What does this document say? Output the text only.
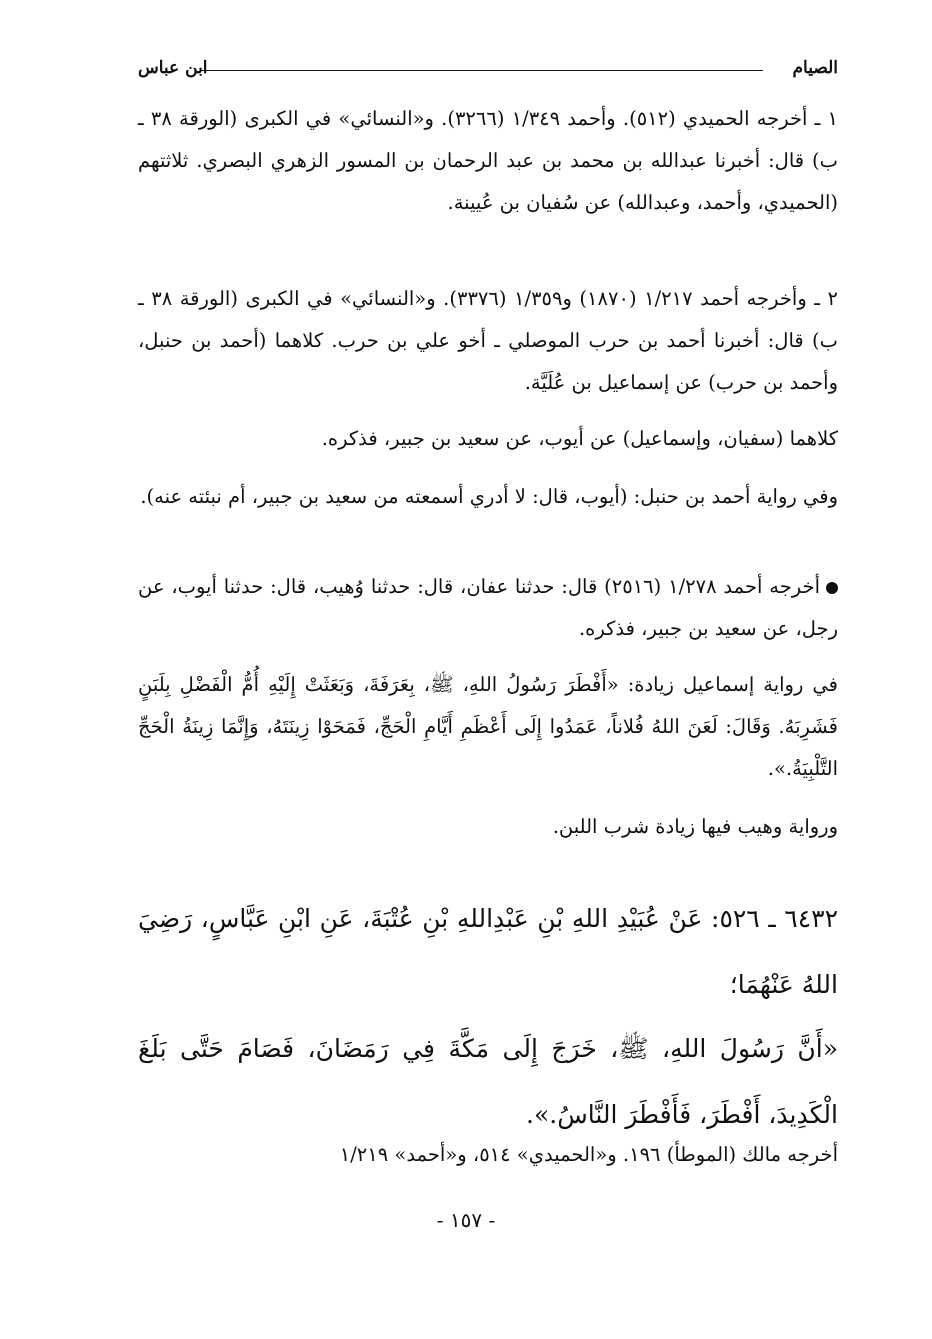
الصيام
ابن عباس
١ ـ أخرجه الحميدي (٥١٢). وأحمد ١/٣٤٩ (٣٢٦٦). و«النسائي» في الكبرى (الورقة ٣٨ ـ ب) قال: أخبرنا عبدالله بن محمد بن عبد الرحمان بن المسور الزهري البصري. ثلاثتهم (الحميدي، وأحمد، وعبدالله) عن سُفيان بن عُيينة.
٢ ـ وأخرجه أحمد ١/٢١٧ (١٨٧٠) و١/٣٥٩ (٣٣٧٦). و«النسائي» في الكبرى (الورقة ٣٨ ـ ب) قال: أخبرنا أحمد بن حرب الموصلي ـ أخو علي بن حرب. كلاهما (أحمد بن حنبل، وأحمد بن حرب) عن إسماعيل بن عُلَيَّة.
كلاهما (سفيان، وإسماعيل) عن أيوب، عن سعيد بن جبير، فذكره.
وفي رواية أحمد بن حنبل: (أيوب، قال: لا أدري أسمعته من سعيد بن جبير، أم نبئته عنه).
أخرجه أحمد ١/٢٧٨ (٢٥١٦) قال: حدثنا عفان، قال: حدثنا وُهيب، قال: حدثنا أيوب، عن رجل، عن سعيد بن جبير، فذكره.
في رواية إسماعيل زيادة: «أَفْطَرَ رَسُولُ اللهِ، ﷺ، بِعَرَفَةَ، وَبَعَثَتْ إِلَيْهِ أُمُّ الْفَضْلِ بِلَبَنٍ فَشَرِبَهُ. وَقَالَ: لَعَنَ اللهُ فُلاناً، عَمَدُوا إِلَى أَعْظَمِ أَيَّامِ الْحَجِّ، فَمَحَوْا زِينَتَهُ، وَإِنَّمَا زِينَةُ الْحَجِّ التَّلْبِيَةُ.».
ورواية وهيب فيها زيادة شرب اللبن.
٦٤٣٢ ـ ٥٢٦: عَنْ عُبَيْدِ اللهِ بْنِ عَبْدِاللهِ بْنِ عُتْبَةَ، عَنِ ابْنِ عَبَّاسٍ، رَضِيَ اللهُ عَنْهُمَا؛
«أَنَّ رَسُولَ اللهِ، ﷺ، خَرَجَ إِلَى مَكَّةَ فِي رَمَضَانَ، فَصَامَ حَتَّى بَلَغَ الْكَدِيدَ، أَفْطَرَ، فَأَفْطَرَ النَّاسُ.».
أخرجه مالك (الموطأ) ١٩٦. و«الحميدي» ٥١٤، و«أحمد» ١/٢١٩
- ١٥٧ -
